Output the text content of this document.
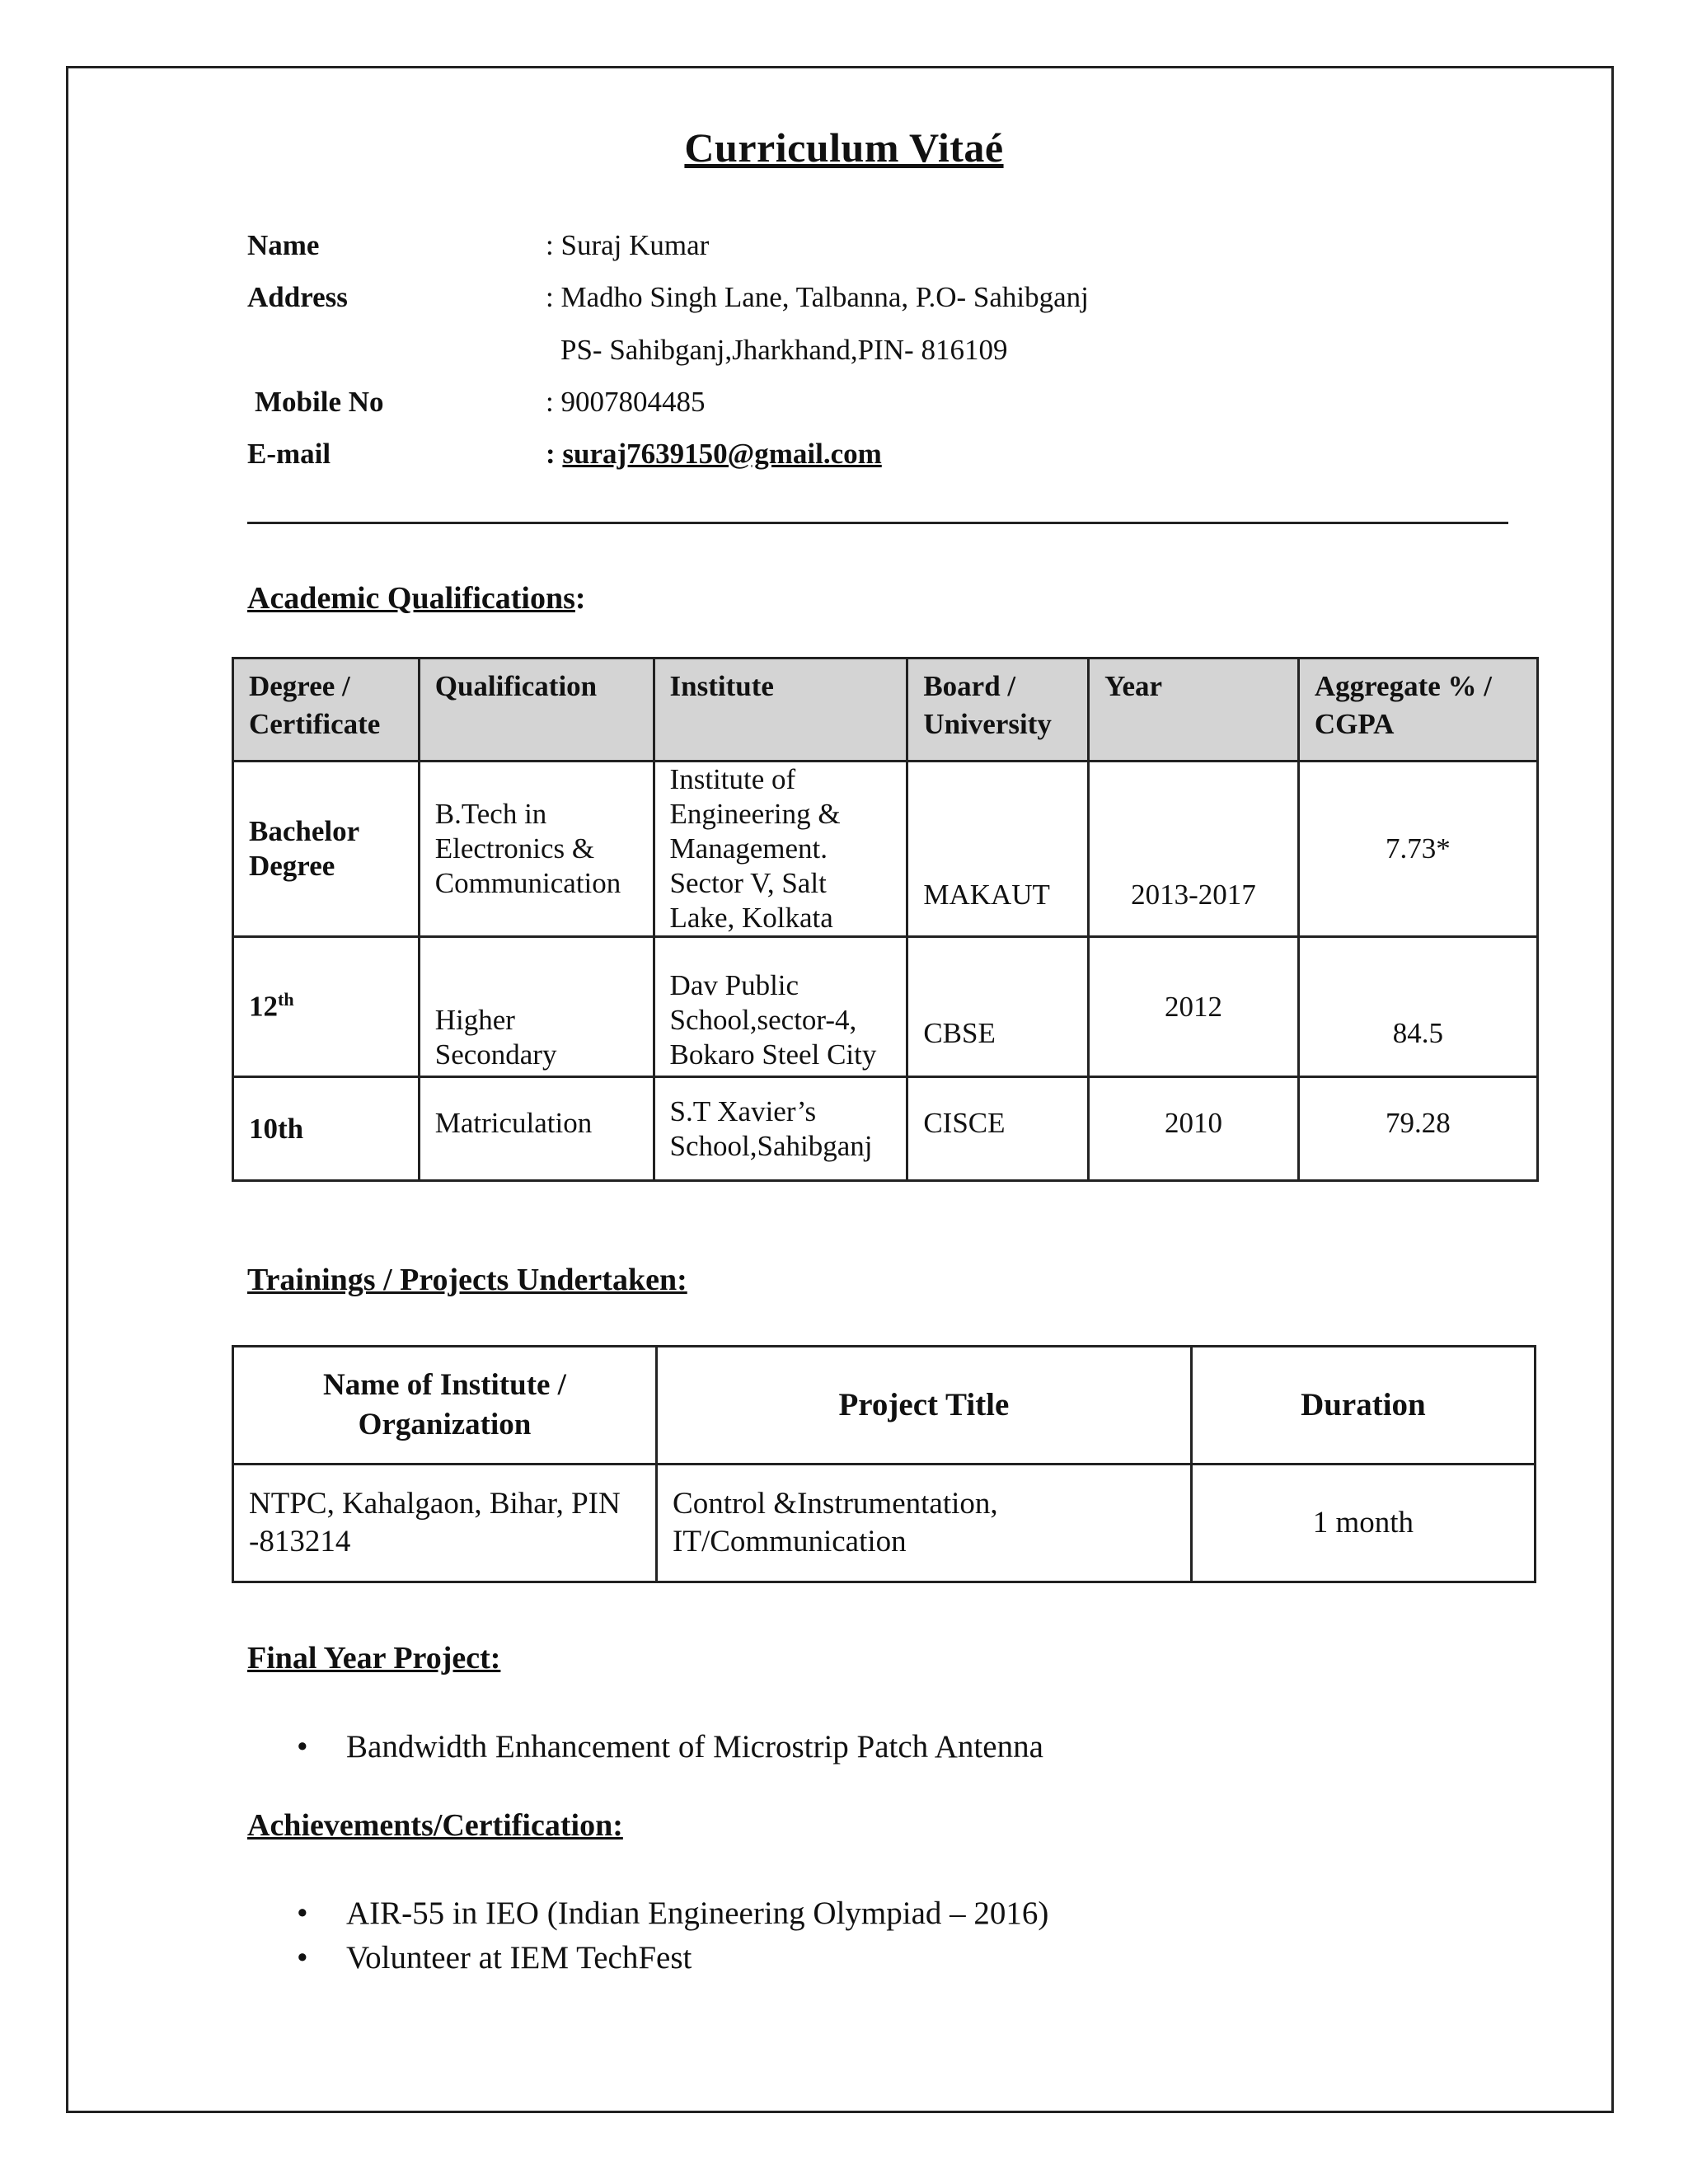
Curriculum Vitaé
Name	: Suraj Kumar
Address	: Madho Singh Lane, Talbanna, P.O- Sahibganj
PS- Sahibganj,Jharkhand,PIN- 816109
Mobile No	: 9007804485
E-mail	: suraj7639150@gmail.com
Academic Qualifications:
Degree / Certificate	Qualification	Institute	Board / University	Year	Aggregate % / CGPA
Bachelor Degree	B.Tech in Electronics & Communication	Institute of Engineering & Management. Sector V, Salt Lake, Kolkata	MAKAUT	2013-2017	7.73*
12th	Higher Secondary	Dav Public School,sector-4, Bokaro Steel City	CBSE	2012	84.5
10th	Matriculation	S.T Xavier’s School,Sahibganj	CISCE	2010	79.28
Trainings / Projects Undertaken:
Name of Institute / Organization	Project Title	Duration
NTPC, Kahalgaon, Bihar, PIN -813214	Control &Instrumentation, IT/Communication	1 month
Final Year Project:
• Bandwidth Enhancement of Microstrip Patch Antenna
Achievements/Certification:
• AIR-55 in IEO (Indian Engineering Olympiad – 2016)
• Volunteer at IEM TechFest
